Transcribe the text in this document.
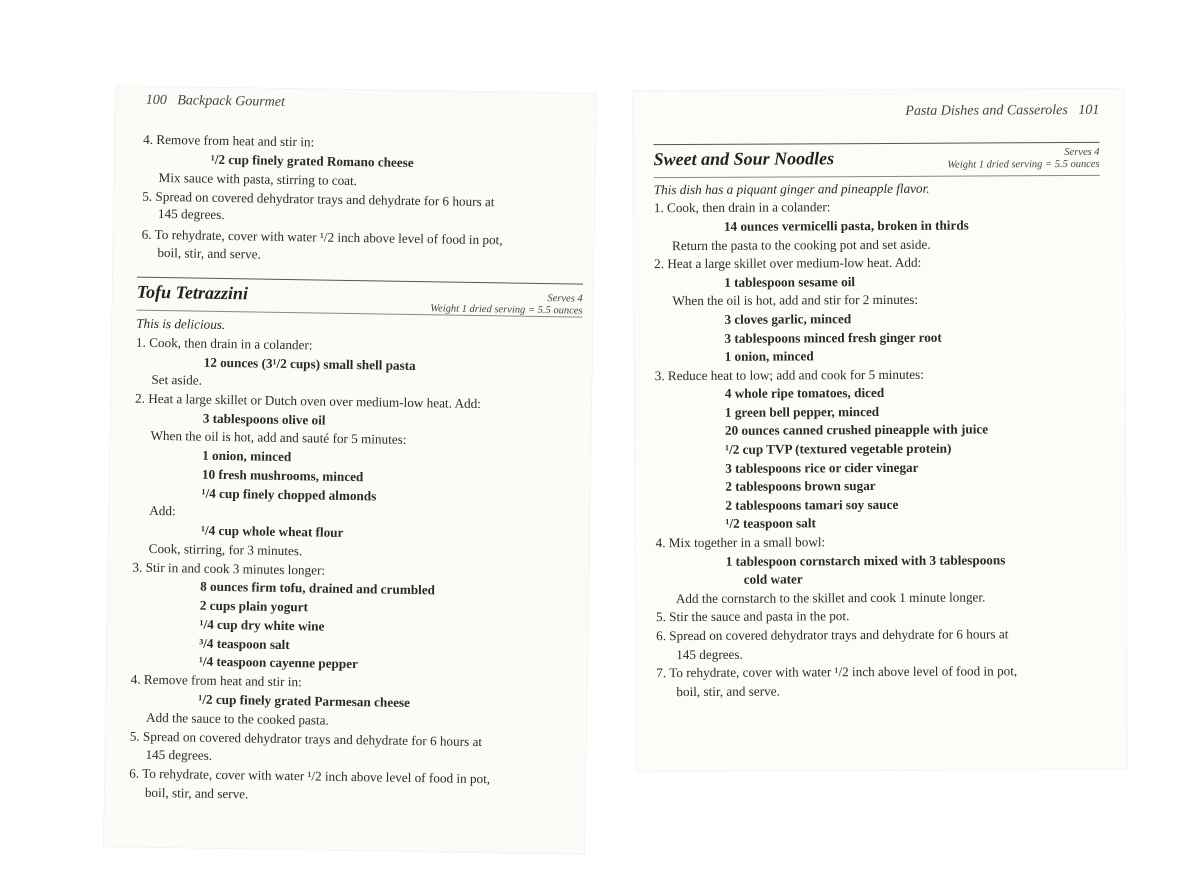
100 Backpack Gourmet
4. Remove from heat and stir in:
¹/2 cup finely grated Romano cheese
Mix sauce with pasta, stirring to coat.
5. Spread on covered dehydrator trays and dehydrate for 6 hours at
145 degrees.
6. To rehydrate, cover with water ¹/2 inch above level of food in pot,
boil, stir, and serve.
Tofu Tetrazzini	Serves 4
Weight 1 dried serving = 5.5 ounces
This is delicious.
1. Cook, then drain in a colander:
12 ounces (3¹/2 cups) small shell pasta
Set aside.
2. Heat a large skillet or Dutch oven over medium-low heat. Add:
3 tablespoons olive oil
When the oil is hot, add and sauté for 5 minutes:
1 onion, minced
10 fresh mushrooms, minced
¹/4 cup finely chopped almonds
Add:
¹/4 cup whole wheat flour
Cook, stirring, for 3 minutes.
3. Stir in and cook 3 minutes longer:
8 ounces firm tofu, drained and crumbled
2 cups plain yogurt
¹/4 cup dry white wine
³/4 teaspoon salt
¹/4 teaspoon cayenne pepper
4. Remove from heat and stir in:
¹/2 cup finely grated Parmesan cheese
Add the sauce to the cooked pasta.
5. Spread on covered dehydrator trays and dehydrate for 6 hours at
145 degrees.
6. To rehydrate, cover with water ¹/2 inch above level of food in pot,
boil, stir, and serve.
Pasta Dishes and Casseroles 101
Sweet and Sour Noodles	Serves 4
Weight 1 dried serving = 5.5 ounces
This dish has a piquant ginger and pineapple flavor.
1. Cook, then drain in a colander:
14 ounces vermicelli pasta, broken in thirds
Return the pasta to the cooking pot and set aside.
2. Heat a large skillet over medium-low heat. Add:
1 tablespoon sesame oil
When the oil is hot, add and stir for 2 minutes:
3 cloves garlic, minced
3 tablespoons minced fresh ginger root
1 onion, minced
3. Reduce heat to low; add and cook for 5 minutes:
4 whole ripe tomatoes, diced
1 green bell pepper, minced
20 ounces canned crushed pineapple with juice
¹/2 cup TVP (textured vegetable protein)
3 tablespoons rice or cider vinegar
2 tablespoons brown sugar
2 tablespoons tamari soy sauce
¹/2 teaspoon salt
4. Mix together in a small bowl:
1 tablespoon cornstarch mixed with 3 tablespoons
cold water
Add the cornstarch to the skillet and cook 1 minute longer.
5. Stir the sauce and pasta in the pot.
6. Spread on covered dehydrator trays and dehydrate for 6 hours at
145 degrees.
7. To rehydrate, cover with water ¹/2 inch above level of food in pot,
boil, stir, and serve.
